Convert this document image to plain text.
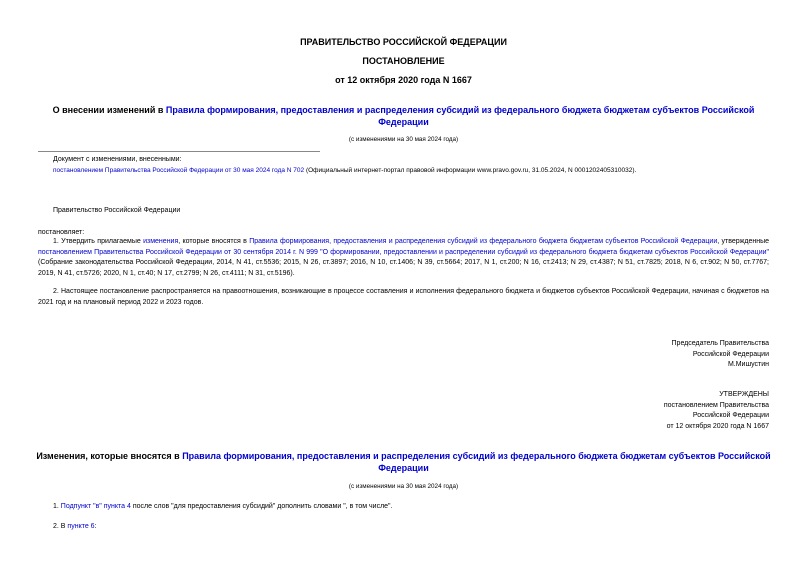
ПРАВИТЕЛЬСТВО РОССИЙСКОЙ ФЕДЕРАЦИИ
ПОСТАНОВЛЕНИЕ
от 12 октября 2020 года N 1667
О внесении изменений в Правила формирования, предоставления и распределения субсидий из федерального бюджета бюджетам субъектов Российской Федерации
(с изменениями на 30 мая 2024 года)
Документ с изменениями, внесенными:
постановлением Правительства Российской Федерации от 30 мая 2024 года N 702 (Официальный интернет-портал правовой информации www.pravo.gov.ru, 31.05.2024, N 0001202405310032).
Правительство Российской Федерации
постановляет:
1. Утвердить прилагаемые изменения, которые вносятся в Правила формирования, предоставления и распределения субсидий из федерального бюджета бюджетам субъектов Российской Федерации, утвержденные постановлением Правительства Российской Федерации от 30 сентября 2014 г. N 999 "О формировании, предоставлении и распределении субсидий из федерального бюджета бюджетам субъектов Российской Федерации" (Собрание законодательства Российской Федерации, 2014, N 41, ст.5536; 2015, N 26, ст.3897; 2016, N 10, ст.1406; N 39, ст.5664; 2017, N 1, ст.200; N 16, ст.2413; N 29, ст.4387; N 51, ст.7825; 2018, N 6, ст.902; N 50, ст.7767; 2019, N 41, ст.5726; 2020, N 1, ст.40; N 17, ст.2799; N 26, ст.4111; N 31, ст.5196).
2. Настоящее постановление распространяется на правоотношения, возникающие в процессе составления и исполнения федерального бюджета и бюджетов субъектов Российской Федерации, начиная с бюджетов на 2021 год и на плановый период 2022 и 2023 годов.
Председатель Правительства
Российской Федерации
М.Мишустин
УТВЕРЖДЕНЫ
постановлением Правительства
Российской Федерации
от 12 октября 2020 года N 1667
Изменения, которые вносятся в Правила формирования, предоставления и распределения субсидий из федерального бюджета бюджетам субъектов Российской Федерации
(с изменениями на 30 мая 2024 года)
1. Подпункт "в" пункта 4 после слов "для предоставления субсидий" дополнить словами ", в том числе".
2. В пункте 6:
